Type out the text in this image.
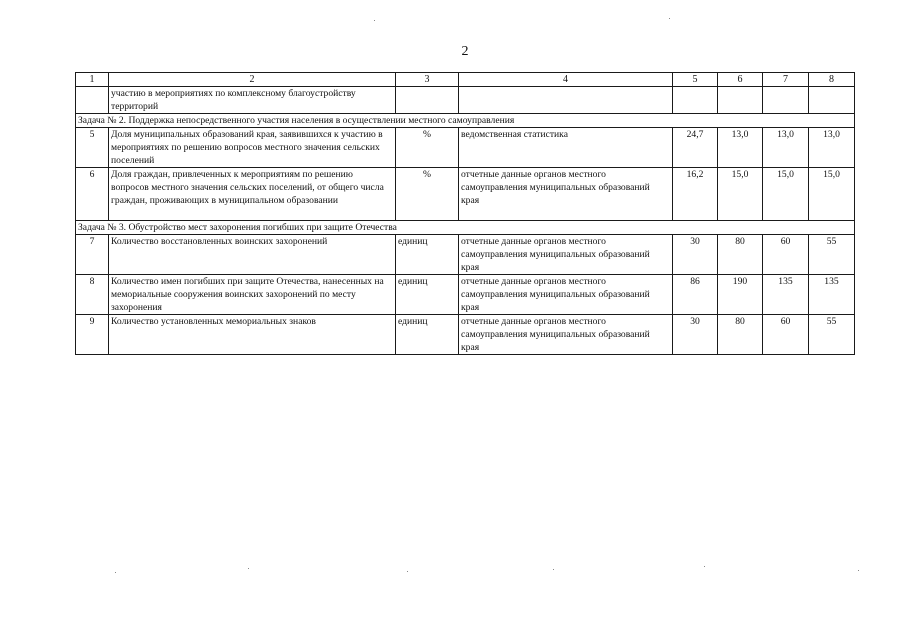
2
1	2	3	4	5	6	7	8
	участию в мероприятиях по комплексному благоустройству территорий						
Задача № 2. Поддержка непосредственного участия населения в осуществлении местного самоуправления							
5	Доля муниципальных образований края, заявившихся к участию в мероприятиях по решению вопросов местного значения сельских поселений	%	ведомственная статистика	24,7	13,0	13,0	13,0
6	Доля граждан, привлеченных к мероприятиям по решению вопросов местного значения сельских поселений, от общего числа граждан, проживающих в муниципальном образовании	%	отчетные данные органов местного самоуправления муниципальных образований края	16,2	15,0	15,0	15,0
Задача № 3. Обустройство мест захоронения погибших при защите Отечества							
7	Количество восстановленных воинских захоронений	единиц	отчетные данные органов местного самоуправления муниципальных образований края	30	80	60	55
8	Количество имен погибших при защите Отечества, нанесенных на мемориальные сооружения воинских захоронений по месту захоронения	единиц	отчетные данные органов местного самоуправления муниципальных образований края	86	190	135	135
9	Количество установленных мемориальных знаков	единиц	отчетные данные органов местного самоуправления муниципальных образований края	30	80	60	55
